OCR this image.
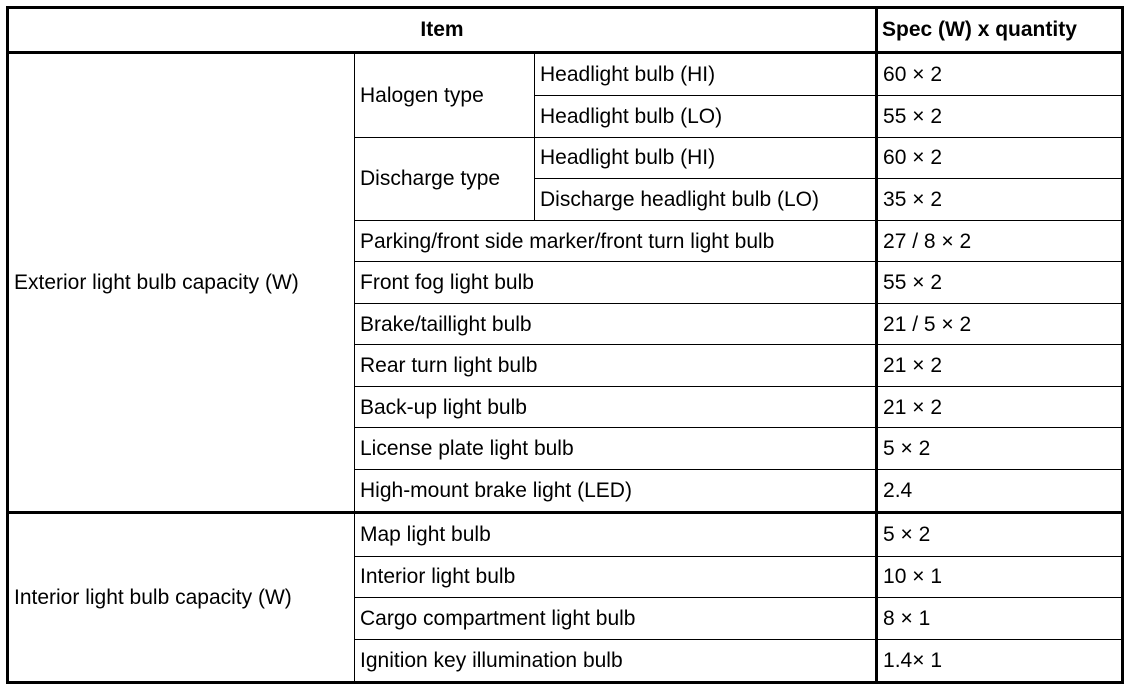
Item			Spec (W) x quantity
Exterior light bulb capacity (W)	Halogen type	Headlight bulb (HI)	60 × 2
		Headlight bulb (LO)	55 × 2
	Discharge type	Headlight bulb (HI)	60 × 2
		Discharge headlight bulb (LO)	35 × 2
	Parking/front side marker/front turn light bulb		27 / 8 × 2
	Front fog light bulb		55 × 2
	Brake/taillight bulb		21 / 5 × 2
	Rear turn light bulb		21 × 2
	Back-up light bulb		21 × 2
	License plate light bulb		5 × 2
	High-mount brake light (LED)		2.4
Interior light bulb capacity (W)	Map light bulb		5 × 2
	Interior light bulb		10 × 1
	Cargo compartment light bulb		8 × 1
	Ignition key illumination bulb		1.4× 1
